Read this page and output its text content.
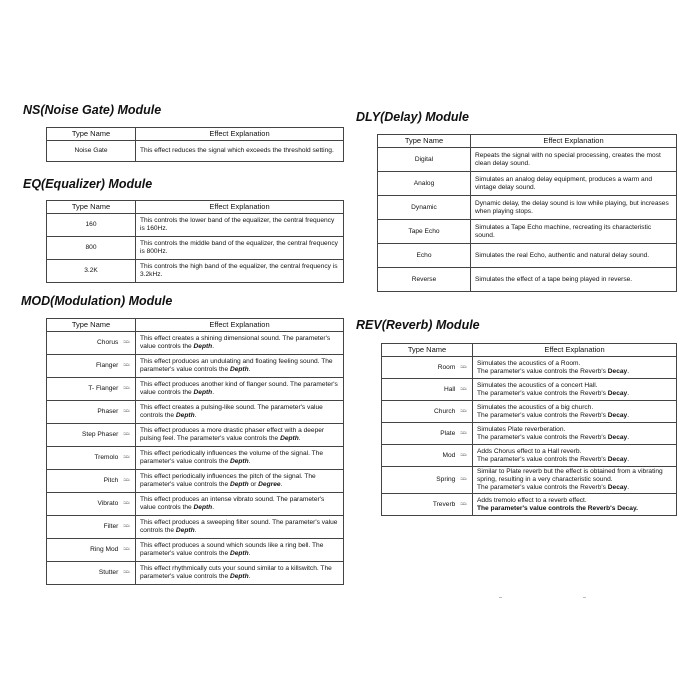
NS(Noise Gate) Module
Type Name	Effect Explanation
Noise Gate	This effect reduces the signal which exceeds the threshold setting.
EQ(Equalizer) Module
Type Name	Effect Explanation
160	This controls the lower band of the equalizer, the central frequency is 160Hz.
800	This controls the middle band of the equalizer, the central frequency is 800Hz.
3.2K	This controls the high band of the equalizer, the central frequency is 3.2kHz.
MOD(Modulation) Module
Type Name	Effect Explanation
Chorus ≈≈	This effect creates a shining dimensional sound. The parameter's value controls the Depth.
Flanger ≈≈	This effect produces an undulating and floating feeling sound. The parameter's value controls the Depth.
T- Flanger ≈≈	This effect produces another kind of flanger sound. The parameter's value controls the Depth.
Phaser ≈≈	This effect creates a pulsing-like sound. The parameter's value controls the Depth.
Step Phaser ≈≈	This effect produces a more drastic phaser effect with a deeper pulsing feel. The parameter's value controls the Depth.
Tremolo ≈≈	This effect periodically influences the volume of the signal. The parameter's value controls the Depth.
Pitch ≈≈	This effect periodically influences the pitch of the signal. The parameter's value controls the Depth or Degree.
Vibrato ≈≈	This effect produces an intense vibrato sound. The parameter's value controls the Depth.
Filter ≈≈	This effect produces a sweeping filter sound. The parameter's value controls the Depth.
Ring Mod ≈≈	This effect produces a sound which sounds like a ring bell. The parameter's value controls the Depth.
Stutter ≈≈	This effect rhythmically cuts your sound similar to a killswitch. The parameter's value controls the Depth.
DLY(Delay) Module
Type Name	Effect Explanation
Digital	Repeats the signal with no special processing, creates the most clean delay sound.
Analog	Simulates an analog delay equipment, produces a warm and vintage delay sound.
Dynamic	Dynamic delay, the delay sound is low while playing, but increases when playing stops.
Tape Echo	Simulates a Tape Echo machine, recreating its characteristic sound.
Echo	Simulates the real Echo, authentic and natural delay sound.
Reverse	Simulates the effect of a tape being played in reverse.
REV(Reverb) Module
Type Name	Effect Explanation
Room ≈≈	Simulates the acoustics of a Room.
The parameter's value controls the Reverb's Decay.
Hall ≈≈	Simulates the acoustics of a concert Hall.
The parameter's value controls the Reverb's Decay.
Church ≈≈	Simulates the acoustics of a big church.
The parameter's value controls the Reverb's Decay.
Plate ≈≈	Simulates Plate reverberation.
The parameter's value controls the Reverb's Decay.
Mod ≈≈	Adds Chorus effect to a Hall reverb.
The parameter's value controls the Reverb's Decay.
Spring ≈≈	Similar to Plate reverb but the effect is obtained from a vibrating spring, resulting in a very characteristic sound.
The parameter's value controls the Reverb's Decay.
Treverb ≈≈	Adds tremolo effect to a reverb effect.
The parameter's value controls the Reverb's Decay.
